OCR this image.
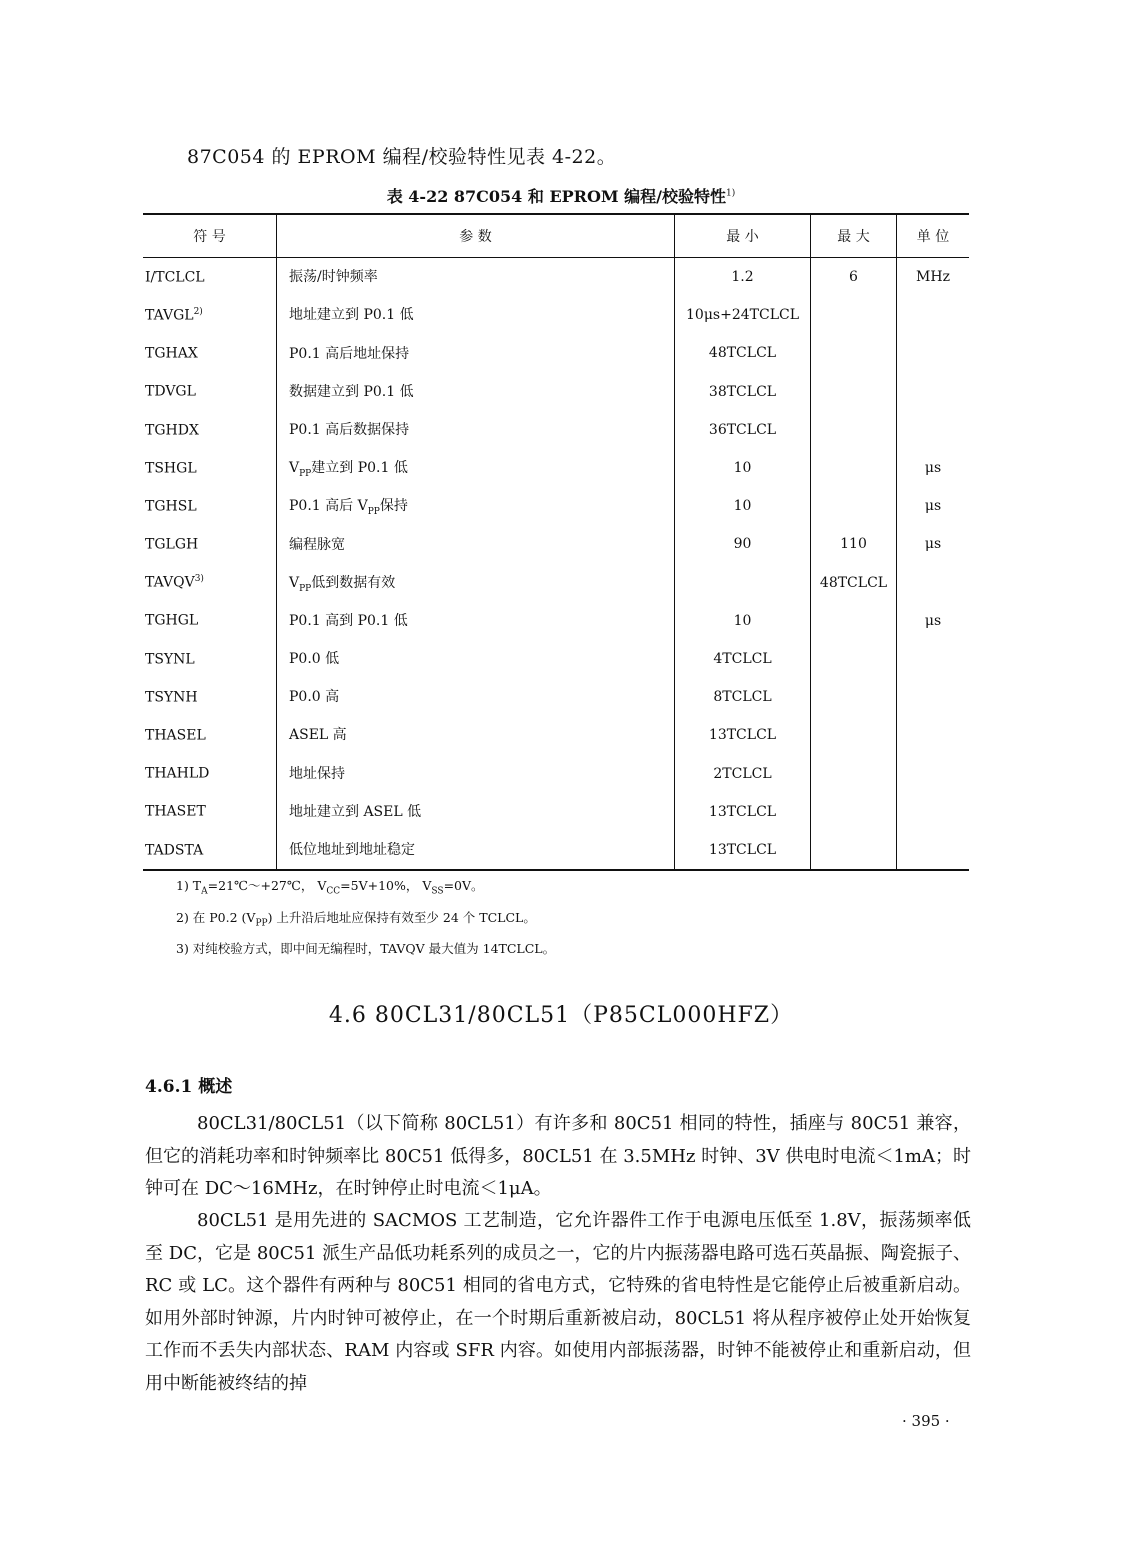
87C054 的 EPROM 编程/校验特性见表 4-22。
表 4-22 87C054 和 EPROM 编程/校验特性$^{1)}$
符 号	参 数	最 小	最 大	单 位
I/TCLCL	振荡/时钟频率	1.2	6	MHz
TAVGL$^{2)}$	地址建立到 P0.1 低	10μs+24TCLCL		
TGHAX	P0.1 高后地址保持	48TCLCL		
TDVGL	数据建立到 P0.1 低	38TCLCL		
TGHDX	P0.1 高后数据保持	36TCLCL		
TSHGL	$V_{PP}$建立到 P0.1 低	10		μs
TGHSL	P0.1 高后 $V_{PP}$保持	10		μs
TGLGH	编程脉宽	90	110	μs
TAVQV$^{3)}$	$V_{PP}$低到数据有效		48TCLCL	
TGHGL	P0.1 高到 P0.1 低	10		μs
TSYNL	P0.0 低	4TCLCL		
TSYNH	P0.0 高	8TCLCL		
THASEL	ASEL 高	13TCLCL		
THAHLD	地址保持	2TCLCL		
THASET	地址建立到 ASEL 低	13TCLCL		
TADSTA	低位地址到地址稳定	13TCLCL		
1) $T_A=21℃\sim+27℃$， $V_{CC}=5V+10\%$， $V_{SS}=0V$。
2) 在 P0.2 $(V_{PP})$ 上升沿后地址应保持有效至少 24 个 TCLCL。
3) 对纯校验方式，即中间无编程时，TAVQV 最大值为 14TCLCL。
4.6 80CL31/80CL51（P85CL000HFZ）
4.6.1 概述
80CL31/80CL51（以下简称 80CL51）有许多和 80C51 相同的特性，插座与 80C51 兼容，但它的消耗功率和时钟频率比 80C51 低得多，80CL51 在 3.5MHz 时钟、3V 供电时电流＜1mA；时钟可在 DC～16MHz，在时钟停止时电流＜1μA。
80CL51 是用先进的 SACMOS 工艺制造，它允许器件工作于电源电压低至 1.8V，振荡频率低至 DC，它是 80C51 派生产品低功耗系列的成员之一，它的片内振荡器电路可选石英晶振、陶瓷振子、RC 或 LC。这个器件有两种与 80C51 相同的省电方式，它特殊的省电特性是它能停止后被重新启动。如用外部时钟源，片内时钟可被停止，在一个时期后重新被启动，80CL51 将从程序被停止处开始恢复工作而不丢失内部状态、RAM 内容或 SFR 内容。如使用内部振荡器，时钟不能被停止和重新启动，但用中断能被终结的掉
· 395 ·
